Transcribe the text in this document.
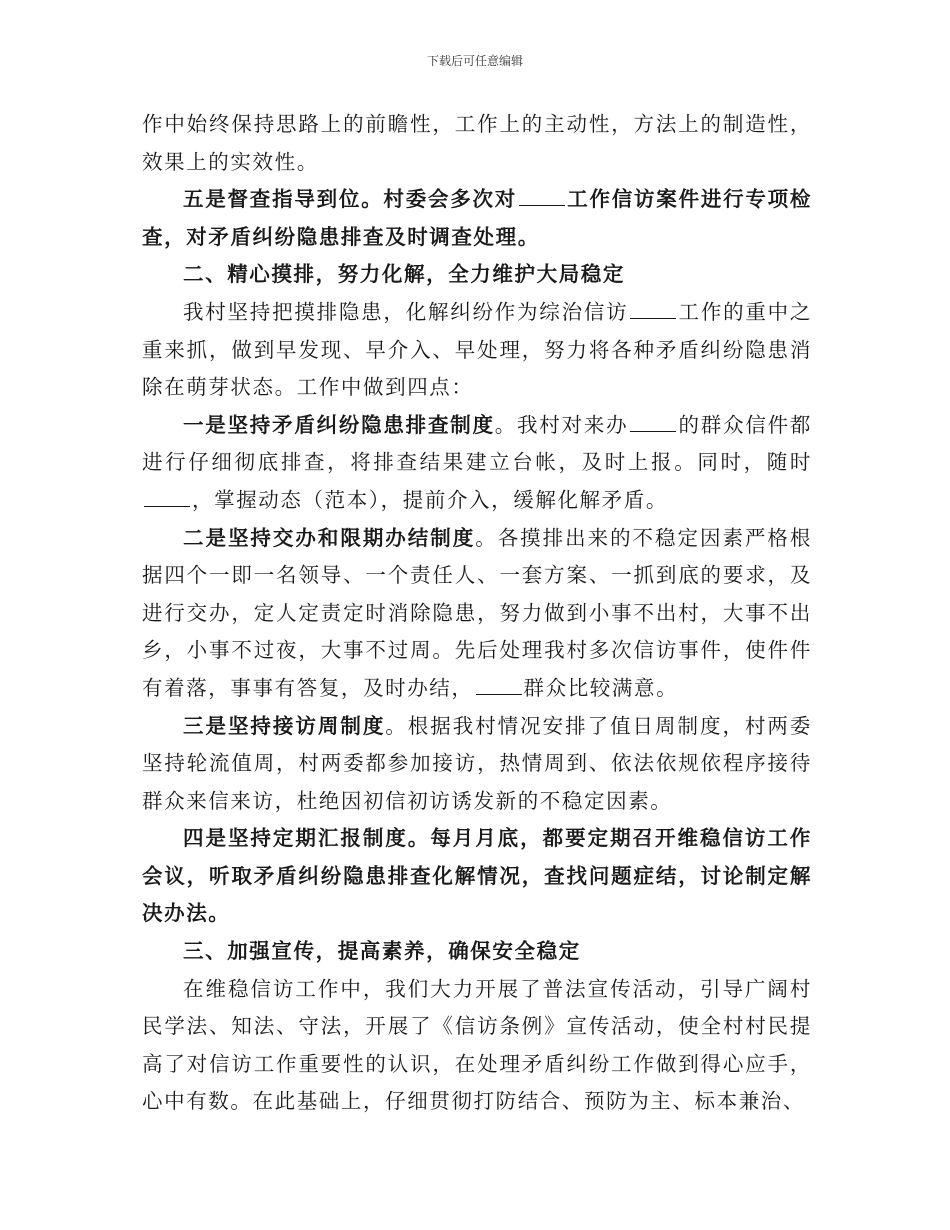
下载后可任意编辑

作中始终保持思路上的前瞻性，工作上的主动性，方法上的制造性，效果上的实效性。

五是督查指导到位。村委会多次对 工作信访案件进行专项检查，对矛盾纠纷隐患排查及时调查处理。

二、精心摸排，努力化解，全力维护大局稳定

我村坚持把摸排隐患，化解纠纷作为综治信访 工作的重中之重来抓，做到早发现、早介入、早处理，努力将各种矛盾纠纷隐患消除在萌芽状态。工作中做到四点：

一是坚持矛盾纠纷隐患排查制度。我村对来办 的群众信件都进行仔细彻底排查，将排查结果建立台帐，及时上报。同时，随时，掌握动态（范本），提前介入，缓解化解矛盾。

二是坚持交办和限期办结制度。各摸排出来的不稳定因素严格根据四个一即一名领导、一个责任人、一套方案、一抓到底的要求，及进行交办，定人定责定时消除隐患，努力做到小事不出村，大事不出乡，小事不过夜，大事不过周。先后处理我村多次信访事件，使件件有着落，事事有答复，及时办结， 群众比较满意。

三是坚持接访周制度。根据我村情况安排了值日周制度，村两委坚持轮流值周，村两委都参加接访，热情周到、依法依规依程序接待群众来信来访，杜绝因初信初访诱发新的不稳定因素。

四是坚持定期汇报制度。每月月底，都要定期召开维稳信访工作会议，听取矛盾纠纷隐患排查化解情况，查找问题症结，讨论制定解决办法。

三、加强宣传，提高素养，确保安全稳定

在维稳信访工作中，我们大力开展了普法宣传活动，引导广阔村民学法、知法、守法，开展了《信访条例》宣传活动，使全村村民提高了对信访工作重要性的认识，在处理矛盾纠纷工作做到得心应手，心中有数。在此基础上，仔细贯彻打防结合、预防为主、标本兼治、
